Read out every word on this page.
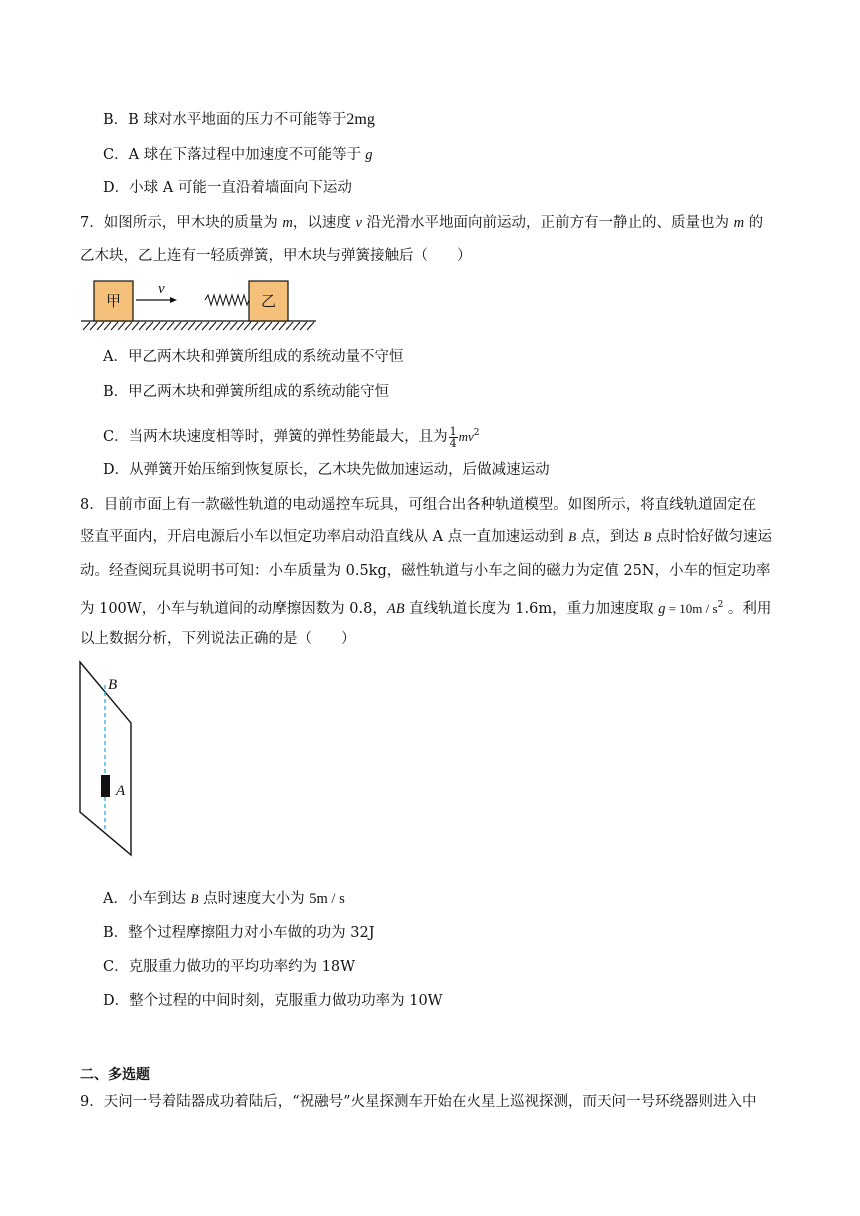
B．B 球对水平地面的压力不可能等于2mg
C．A 球在下落过程中加速度不可能等于 g
D．小球 A 可能一直沿着墙面向下运动
7．如图所示，甲木块的质量为 m，以速度 v 沿光滑水平地面向前运动，正前方有一静止的、质量也为 m 的
乙木块，乙上连有一轻质弹簧，甲木块与弹簧接触后（　　）
甲
v
乙
A．甲乙两木块和弹簧所组成的系统动量不守恒
B．甲乙两木块和弹簧所组成的系统动能守恒
C．当两木块速度相等时，弹簧的弹性势能最大，且为 $\frac{1}{4} mv^2$
D．从弹簧开始压缩到恢复原长，乙木块先做加速运动，后做减速运动
8．目前市面上有一款磁性轨道的电动遥控车玩具，可组合出各种轨道模型。如图所示，将直线轨道固定在
竖直平面内，开启电源后小车以恒定功率启动沿直线从 A 点一直加速运动到 B 点，到达 B 点时恰好做匀速运
动。经查阅玩具说明书可知：小车质量为 0.5kg，磁性轨道与小车之间的磁力为定值 25N，小车的恒定功率
为 100W，小车与轨道间的动摩擦因数为 0.8，AB 直线轨道长度为 1.6m，重力加速度取 $g = 10m / s^2$ 。利用
以上数据分析，下列说法正确的是（　　）
B
A
A．小车到达 B 点时速度大小为 5m / s
B．整个过程摩擦阻力对小车做的功为 32J
C．克服重力做功的平均功率约为 18W
D．整个过程的中间时刻，克服重力做功功率为 10W
二、多选题
9．天问一号着陆器成功着陆后，“祝融号”火星探测车开始在火星上巡视探测，而天问一号环绕器则进入中
